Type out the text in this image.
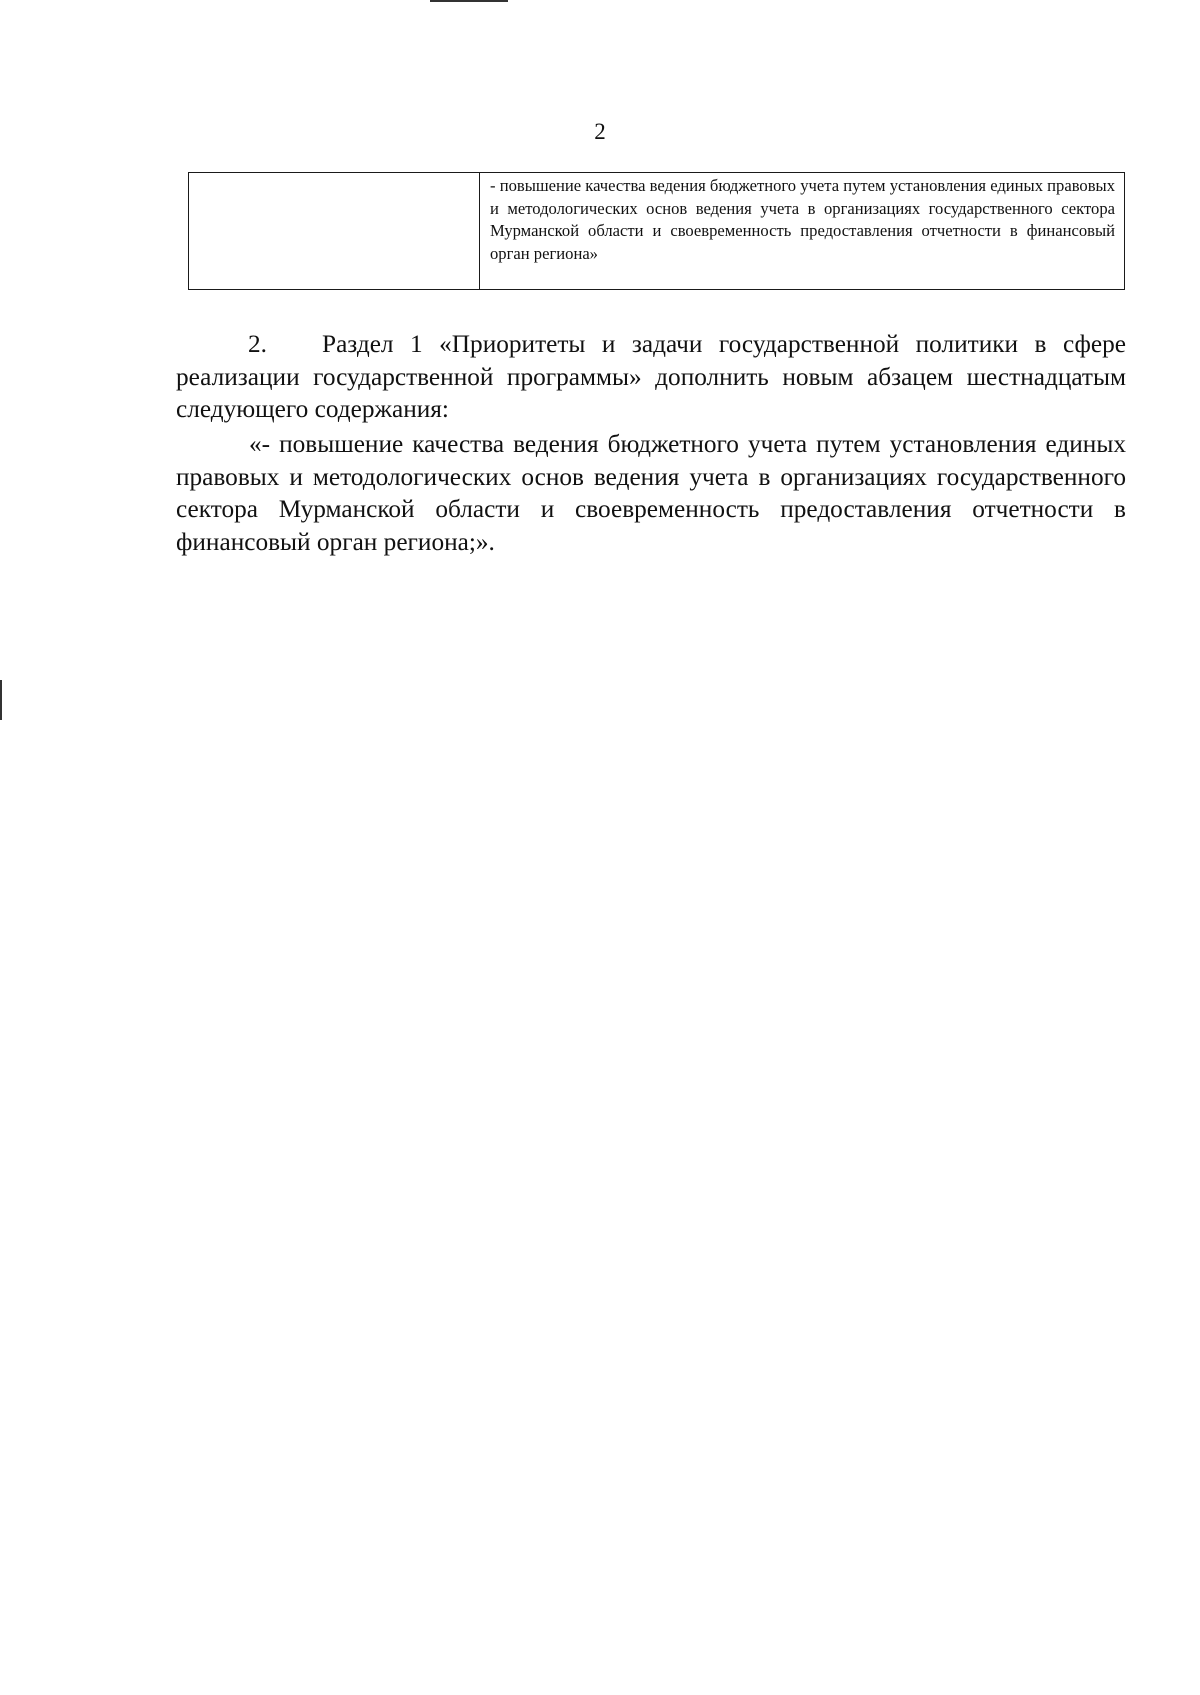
2
- повышение качества ведения бюджетного учета путем установления единых правовых и методологических основ ведения учета в организациях государственного сектора Мурманской области и своевременность предоставления отчетности в финансовый орган региона»

2. Раздел 1 «Приоритеты и задачи государственной политики в сфере реализации государственной программы» дополнить новым абзацем шестнадцатым следующего содержания:

«- повышение качества ведения бюджетного учета путем установления единых правовых и методологических основ ведения учета в организациях государственного сектора Мурманской области и своевременность предоставления отчетности в финансовый орган региона;».
